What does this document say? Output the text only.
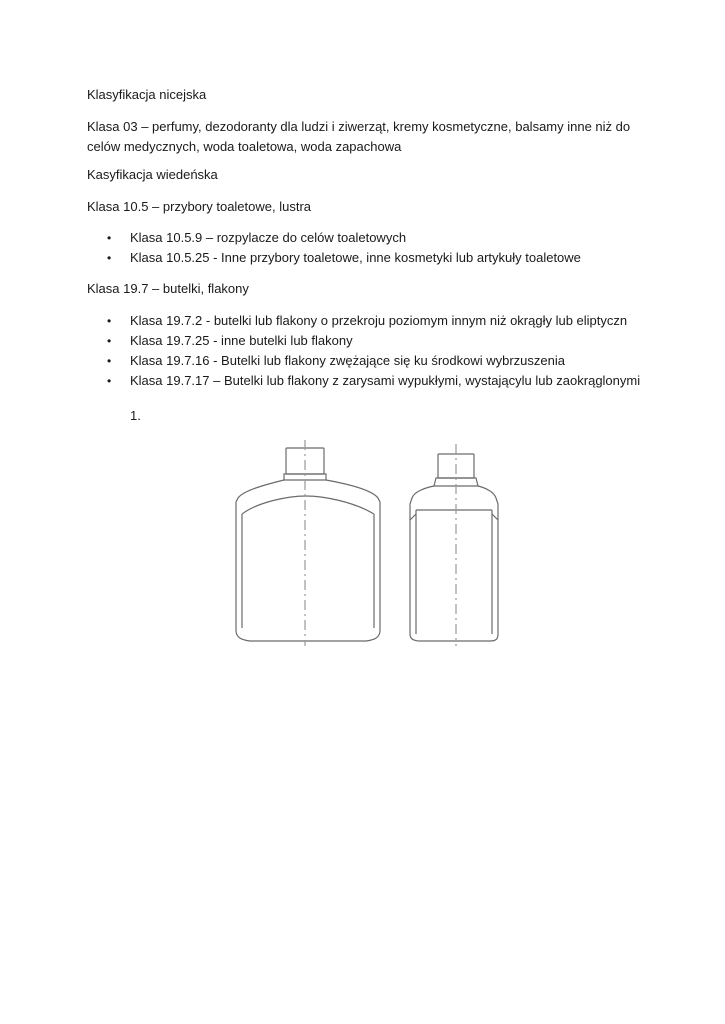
Klasyfikacja nicejska

Klasa 03 – perfumy, dezodoranty dla ludzi i ziwerząt, kremy kosmetyczne, balsamy inne niż do celów medycznych, woda toaletowa, woda zapachowa

Kasyfikacja wiedeńska

Klasa 10.5 – przybory toaletowe, lustra

• Klasa 10.5.9 – rozpylacze do celów toaletowych
• Klasa 10.5.25 - Inne przybory toaletowe, inne kosmetyki lub artykuły toaletowe

Klasa 19.7 – butelki, flakony

• Klasa 19.7.2 - butelki lub flakony o przekroju poziomym innym niż okrągły lub eliptyczn
• Klasa 19.7.25 - inne butelki lub flakony
• Klasa 19.7.16 - Butelki lub flakony zwężające się ku środkowi wybrzuszenia
• Klasa 19.7.17 – Butelki lub flakony z zarysami wypukłymi, wystającylu lub zaokrąglonymi
1.
